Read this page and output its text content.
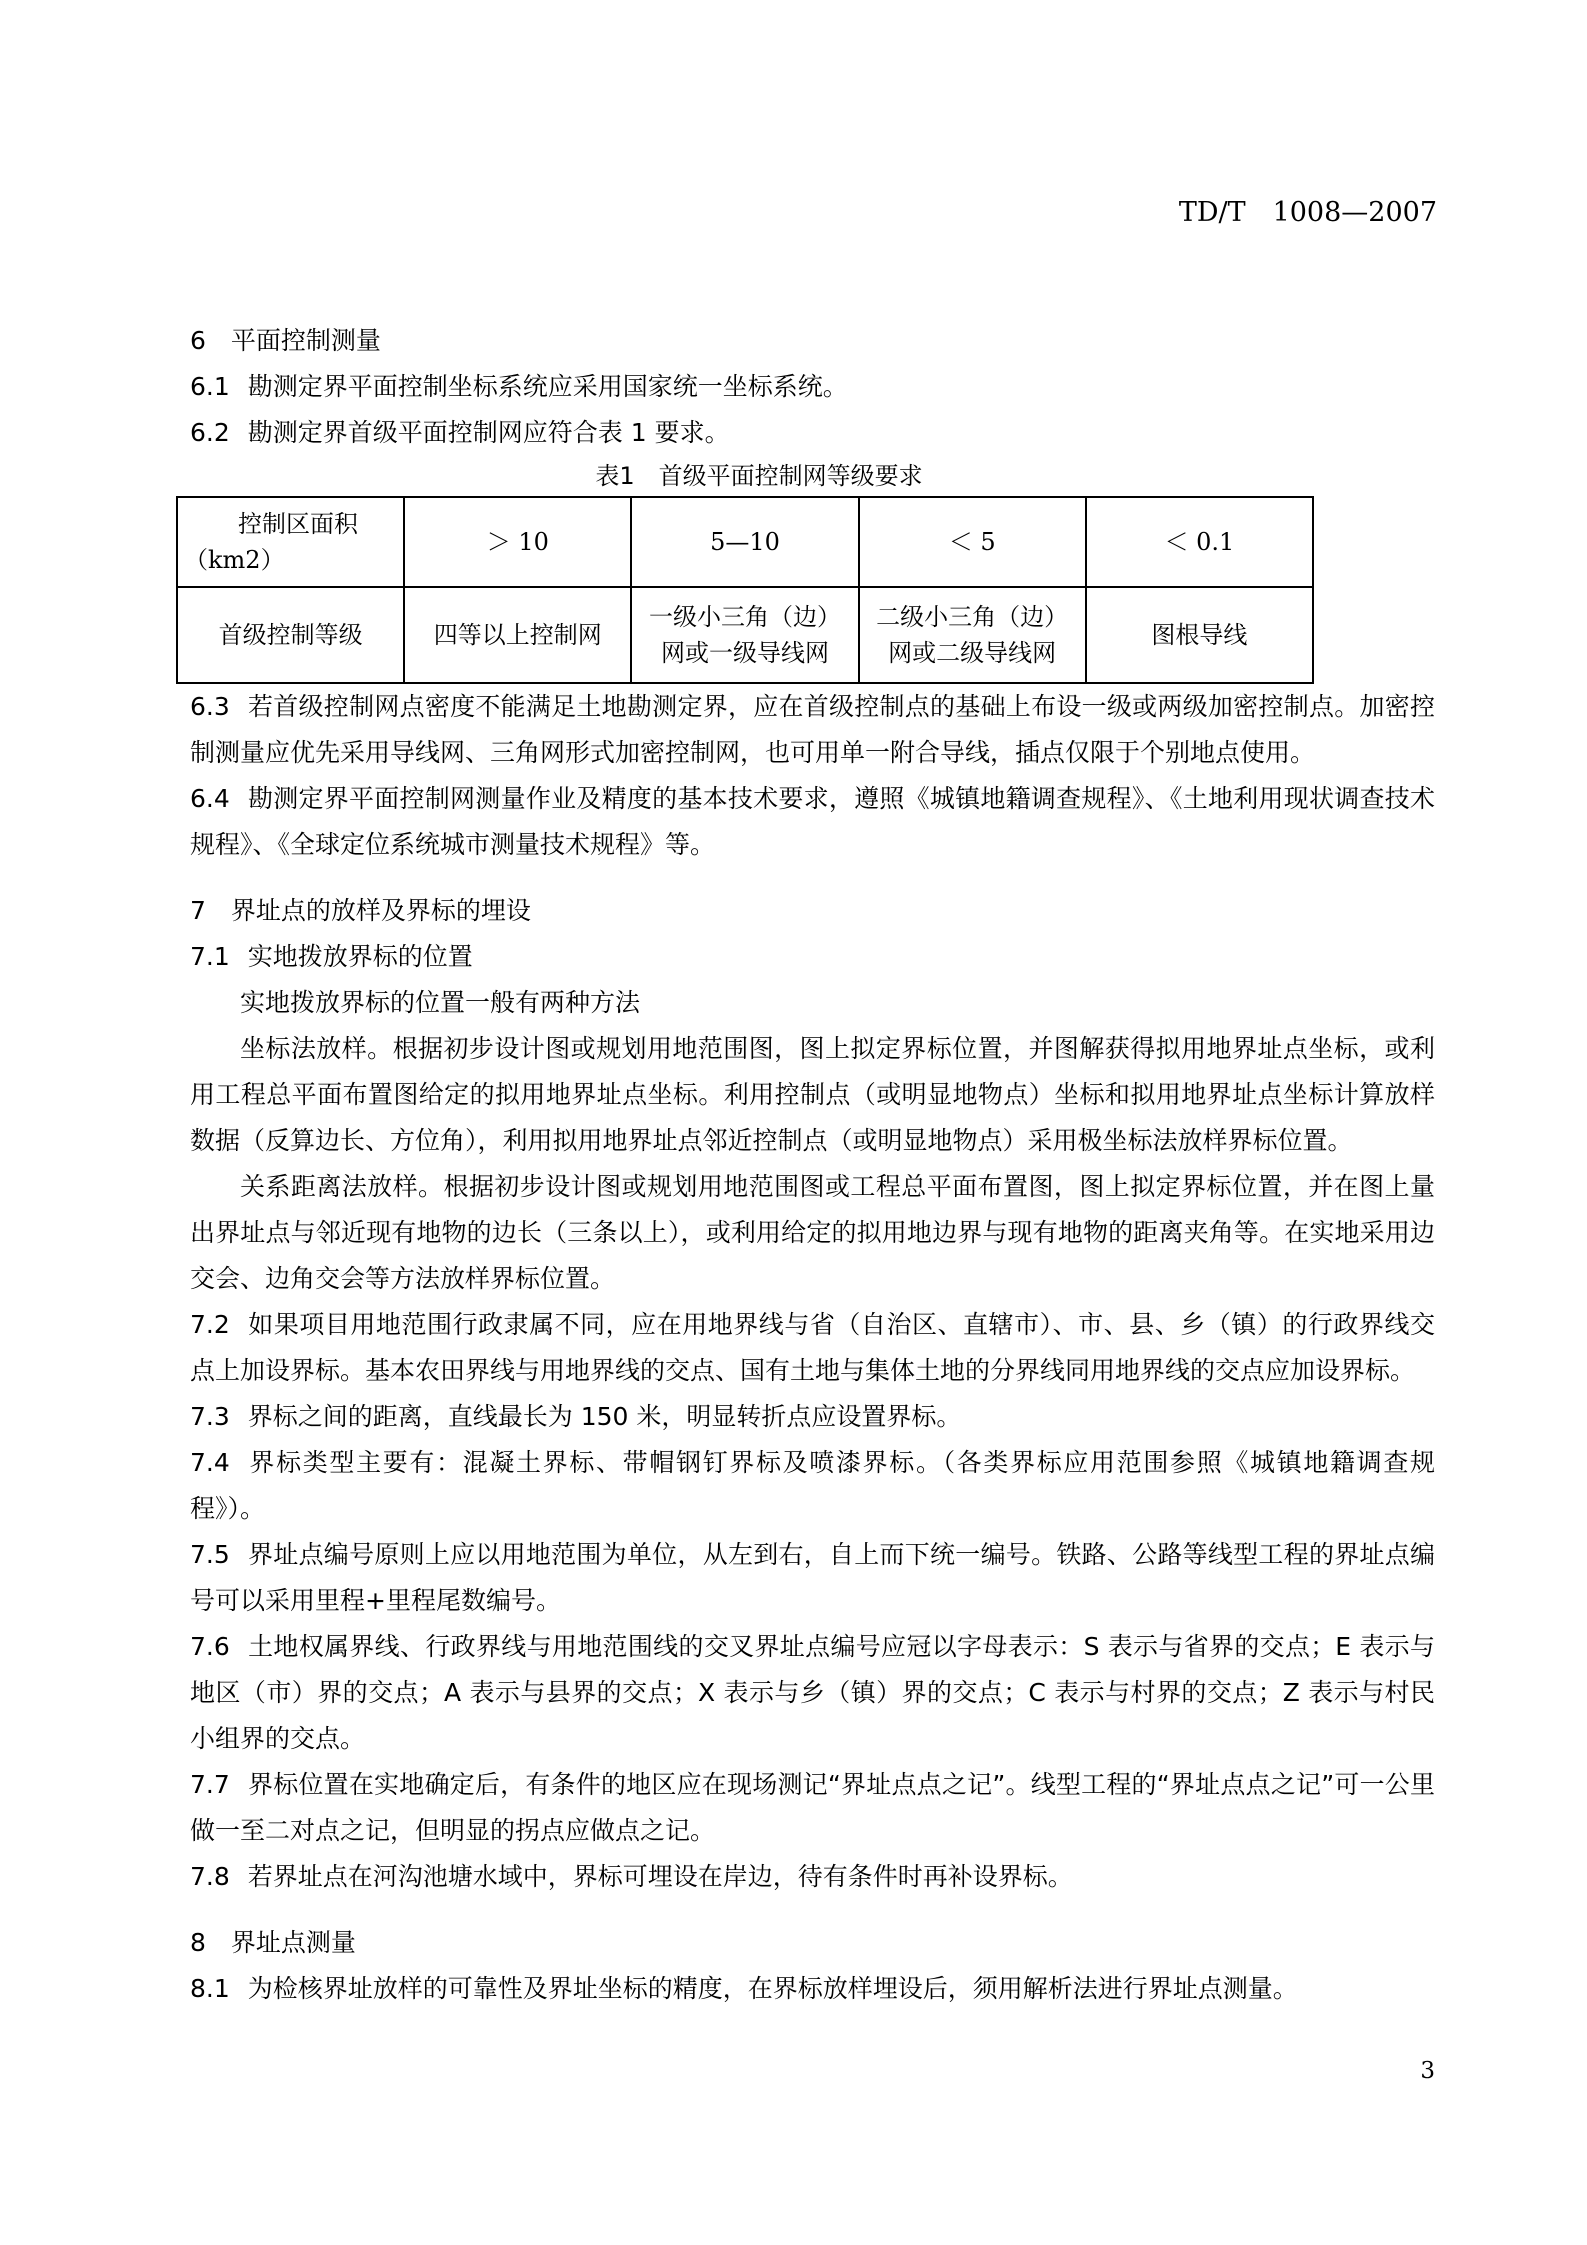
TD/T　1008—2007

6　平面控制测量

6.1 勘测定界平面控制坐标系统应采用国家统一坐标系统。

6.2 勘测定界首级平面控制网应符合表 1 要求。

表1　首级平面控制网等级要求

控制区面积
（km2）	＞ 10	5—10	＜ 5	＜ 0.1
首级控制等级	四等以上控制网	一级小三角（边）网或一级导线网	二级小三角（边）网或二级导线网	图根导线

6.3 若首级控制网点密度不能满足土地勘测定界，应在首级控制点的基础上布设一级或两级加密控制点。加密控制测量应优先采用导线网、三角网形式加密控制网，也可用单一附合导线，插点仅限于个别地点使用。

6.4 勘测定界平面控制网测量作业及精度的基本技术要求，遵照《城镇地籍调查规程》、《土地利用现状调查技术规程》、《全球定位系统城市测量技术规程》等。

7　界址点的放样及界标的埋设

7.1 实地拨放界标的位置

实地拨放界标的位置一般有两种方法

坐标法放样。根据初步设计图或规划用地范围图，图上拟定界标位置，并图解获得拟用地界址点坐标，或利用工程总平面布置图给定的拟用地界址点坐标。利用控制点（或明显地物点）坐标和拟用地界址点坐标计算放样数据（反算边长、方位角），利用拟用地界址点邻近控制点（或明显地物点）采用极坐标法放样界标位置。

关系距离法放样。根据初步设计图或规划用地范围图或工程总平面布置图，图上拟定界标位置，并在图上量出界址点与邻近现有地物的边长（三条以上），或利用给定的拟用地边界与现有地物的距离夹角等。在实地采用边交会、边角交会等方法放样界标位置。

7.2 如果项目用地范围行政隶属不同，应在用地界线与省（自治区、直辖市）、市、县、乡（镇）的行政界线交点上加设界标。基本农田界线与用地界线的交点、国有土地与集体土地的分界线同用地界线的交点应加设界标。

7.3 界标之间的距离，直线最长为 150 米，明显转折点应设置界标。

7.4 界标类型主要有：混凝土界标、带帽钢钉界标及喷漆界标。（各类界标应用范围参照《城镇地籍调查规程》）。

7.5 界址点编号原则上应以用地范围为单位，从左到右，自上而下统一编号。铁路、公路等线型工程的界址点编号可以采用里程+里程尾数编号。

7.6 土地权属界线、行政界线与用地范围线的交叉界址点编号应冠以字母表示：S 表示与省界的交点；E 表示与地区（市）界的交点；A 表示与县界的交点；X 表示与乡（镇）界的交点；C 表示与村界的交点；Z 表示与村民小组界的交点。

7.7 界标位置在实地确定后，有条件的地区应在现场测记“界址点点之记”。线型工程的“界址点点之记”可一公里做一至二对点之记，但明显的拐点应做点之记。

7.8 若界址点在河沟池塘水域中，界标可埋设在岸边，待有条件时再补设界标。

8　界址点测量

8.1 为检核界址放样的可靠性及界址坐标的精度，在界标放样埋设后，须用解析法进行界址点测量。

3
